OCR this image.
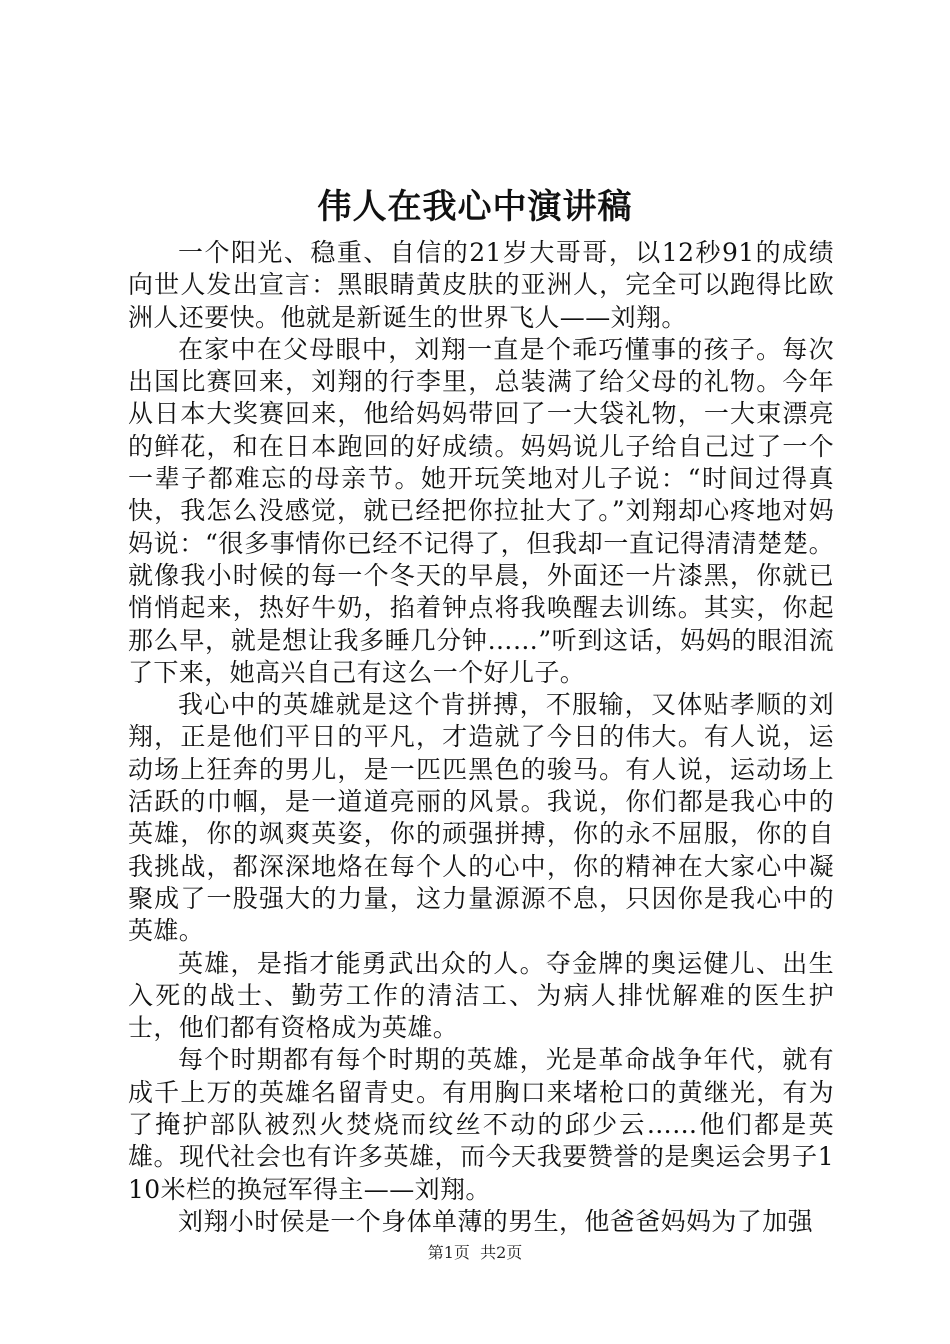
伟人在我心中演讲稿

一个阳光、稳重、自信的21岁大哥哥，以12秒91的成绩向世人发出宣言：黑眼睛黄皮肤的亚洲人，完全可以跑得比欧洲人还要快。他就是新诞生的世界飞人——刘翔。

在家中在父母眼中，刘翔一直是个乖巧懂事的孩子。每次出国比赛回来，刘翔的行李里，总装满了给父母的礼物。今年从日本大奖赛回来，他给妈妈带回了一大袋礼物，一大束漂亮的鲜花，和在日本跑回的好成绩。妈妈说儿子给自己过了一个一辈子都难忘的母亲节。她开玩笑地对儿子说：“时间过得真快，我怎么没感觉，就已经把你拉扯大了。”刘翔却心疼地对妈妈说：“很多事情你已经不记得了，但我却一直记得清清楚楚。就像我小时候的每一个冬天的早晨，外面还一片漆黑，你就已悄悄起来，热好牛奶，掐着钟点将我唤醒去训练。其实，你起那么早，就是想让我多睡几分钟……”听到这话，妈妈的眼泪流了下来，她高兴自己有这么一个好儿子。

我心中的英雄就是这个肯拼搏，不服输，又体贴孝顺的刘翔，正是他们平日的平凡，才造就了今日的伟大。有人说，运动场上狂奔的男儿，是一匹匹黑色的骏马。有人说，运动场上活跃的巾帼，是一道道亮丽的风景。我说，你们都是我心中的英雄，你的飒爽英姿，你的顽强拼搏，你的永不屈服，你的自我挑战，都深深地烙在每个人的心中，你的精神在大家心中凝聚成了一股强大的力量，这力量源源不息，只因你是我心中的英雄。

英雄，是指才能勇武出众的人。夺金牌的奥运健儿、出生入死的战士、勤劳工作的清洁工、为病人排忧解难的医生护士，他们都有资格成为英雄。

每个时期都有每个时期的英雄，光是革命战争年代，就有成千上万的英雄名留青史。有用胸口来堵枪口的黄继光，有为了掩护部队被烈火焚烧而纹丝不动的邱少云……他们都是英雄。现代社会也有许多英雄，而今天我要赞誉的是奥运会男子110米栏的换冠军得主——刘翔。

刘翔小时侯是一个身体单薄的男生，他爸爸妈妈为了加强

第1页 共2页
